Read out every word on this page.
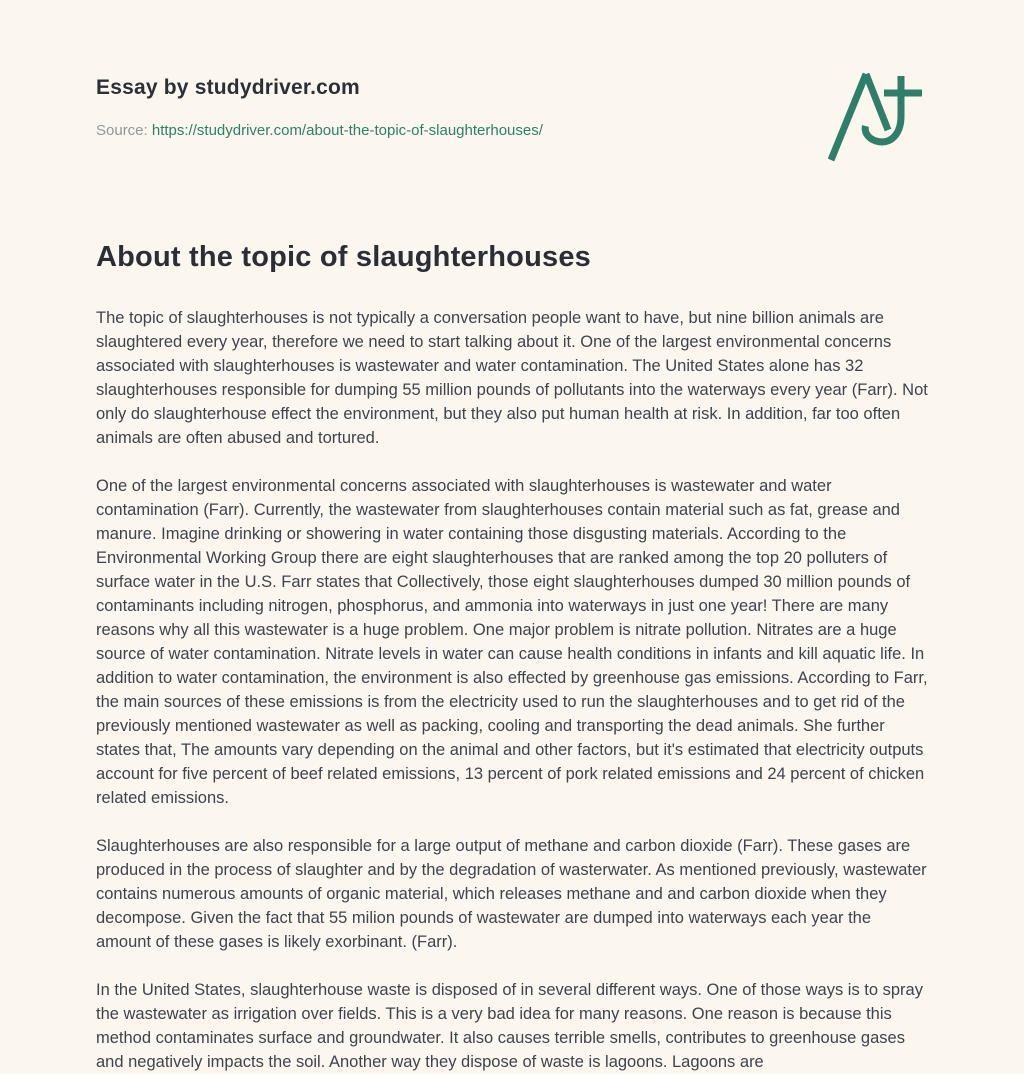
Essay by studydriver.com
Source: https://studydriver.com/about-the-topic-of-slaughterhouses/
About the topic of slaughterhouses

The topic of slaughterhouses is not typically a conversation people want to have, but nine billion animals are slaughtered every year, therefore we need to start talking about it. One of the largest environmental concerns associated with slaughterhouses is wastewater and water contamination. The United States alone has 32 slaughterhouses responsible for dumping 55 million pounds of pollutants into the waterways every year (Farr). Not only do slaughterhouse effect the environment, but they also put human health at risk. In addition, far too often animals are often abused and tortured.

One of the largest environmental concerns associated with slaughterhouses is wastewater and water contamination (Farr). Currently, the wastewater from slaughterhouses contain material such as fat, grease and manure. Imagine drinking or showering in water containing those disgusting materials. According to the Environmental Working Group there are eight slaughterhouses that are ranked among the top 20 polluters of surface water in the U.S. Farr states that Collectively, those eight slaughterhouses dumped 30 million pounds of contaminants including nitrogen, phosphorus, and ammonia into waterways in just one year! There are many reasons why all this wastewater is a huge problem. One major problem is nitrate pollution. Nitrates are a huge source of water contamination. Nitrate levels in water can cause health conditions in infants and kill aquatic life. In addition to water contamination, the environment is also effected by greenhouse gas emissions. According to Farr, the main sources of these emissions is from the electricity used to run the slaughterhouses and to get rid of the previously mentioned wastewater as well as packing, cooling and transporting the dead animals. She further states that, The amounts vary depending on the animal and other factors, but it's estimated that electricity outputs account for five percent of beef related emissions, 13 percent of pork related emissions and 24 percent of chicken related emissions.

Slaughterhouses are also responsible for a large output of methane and carbon dioxide (Farr). These gases are produced in the process of slaughter and by the degradation of wasterwater. As mentioned previously, wastewater contains numerous amounts of organic material, which releases methane and and carbon dioxide when they decompose. Given the fact that 55 milion pounds of wastewater are dumped into waterways each year the amount of these gases is likely exorbinant. (Farr).

In the United States, slaughterhouse waste is disposed of in several different ways. One of those ways is to spray the wastewater as irrigation over fields. This is a very bad idea for many reasons. One reason is because this method contaminates surface and groundwater. It also causes terrible smells, contributes to greenhouse gases and negatively impacts the soil. Another way they dispose of waste is lagoons. Lagoons are
